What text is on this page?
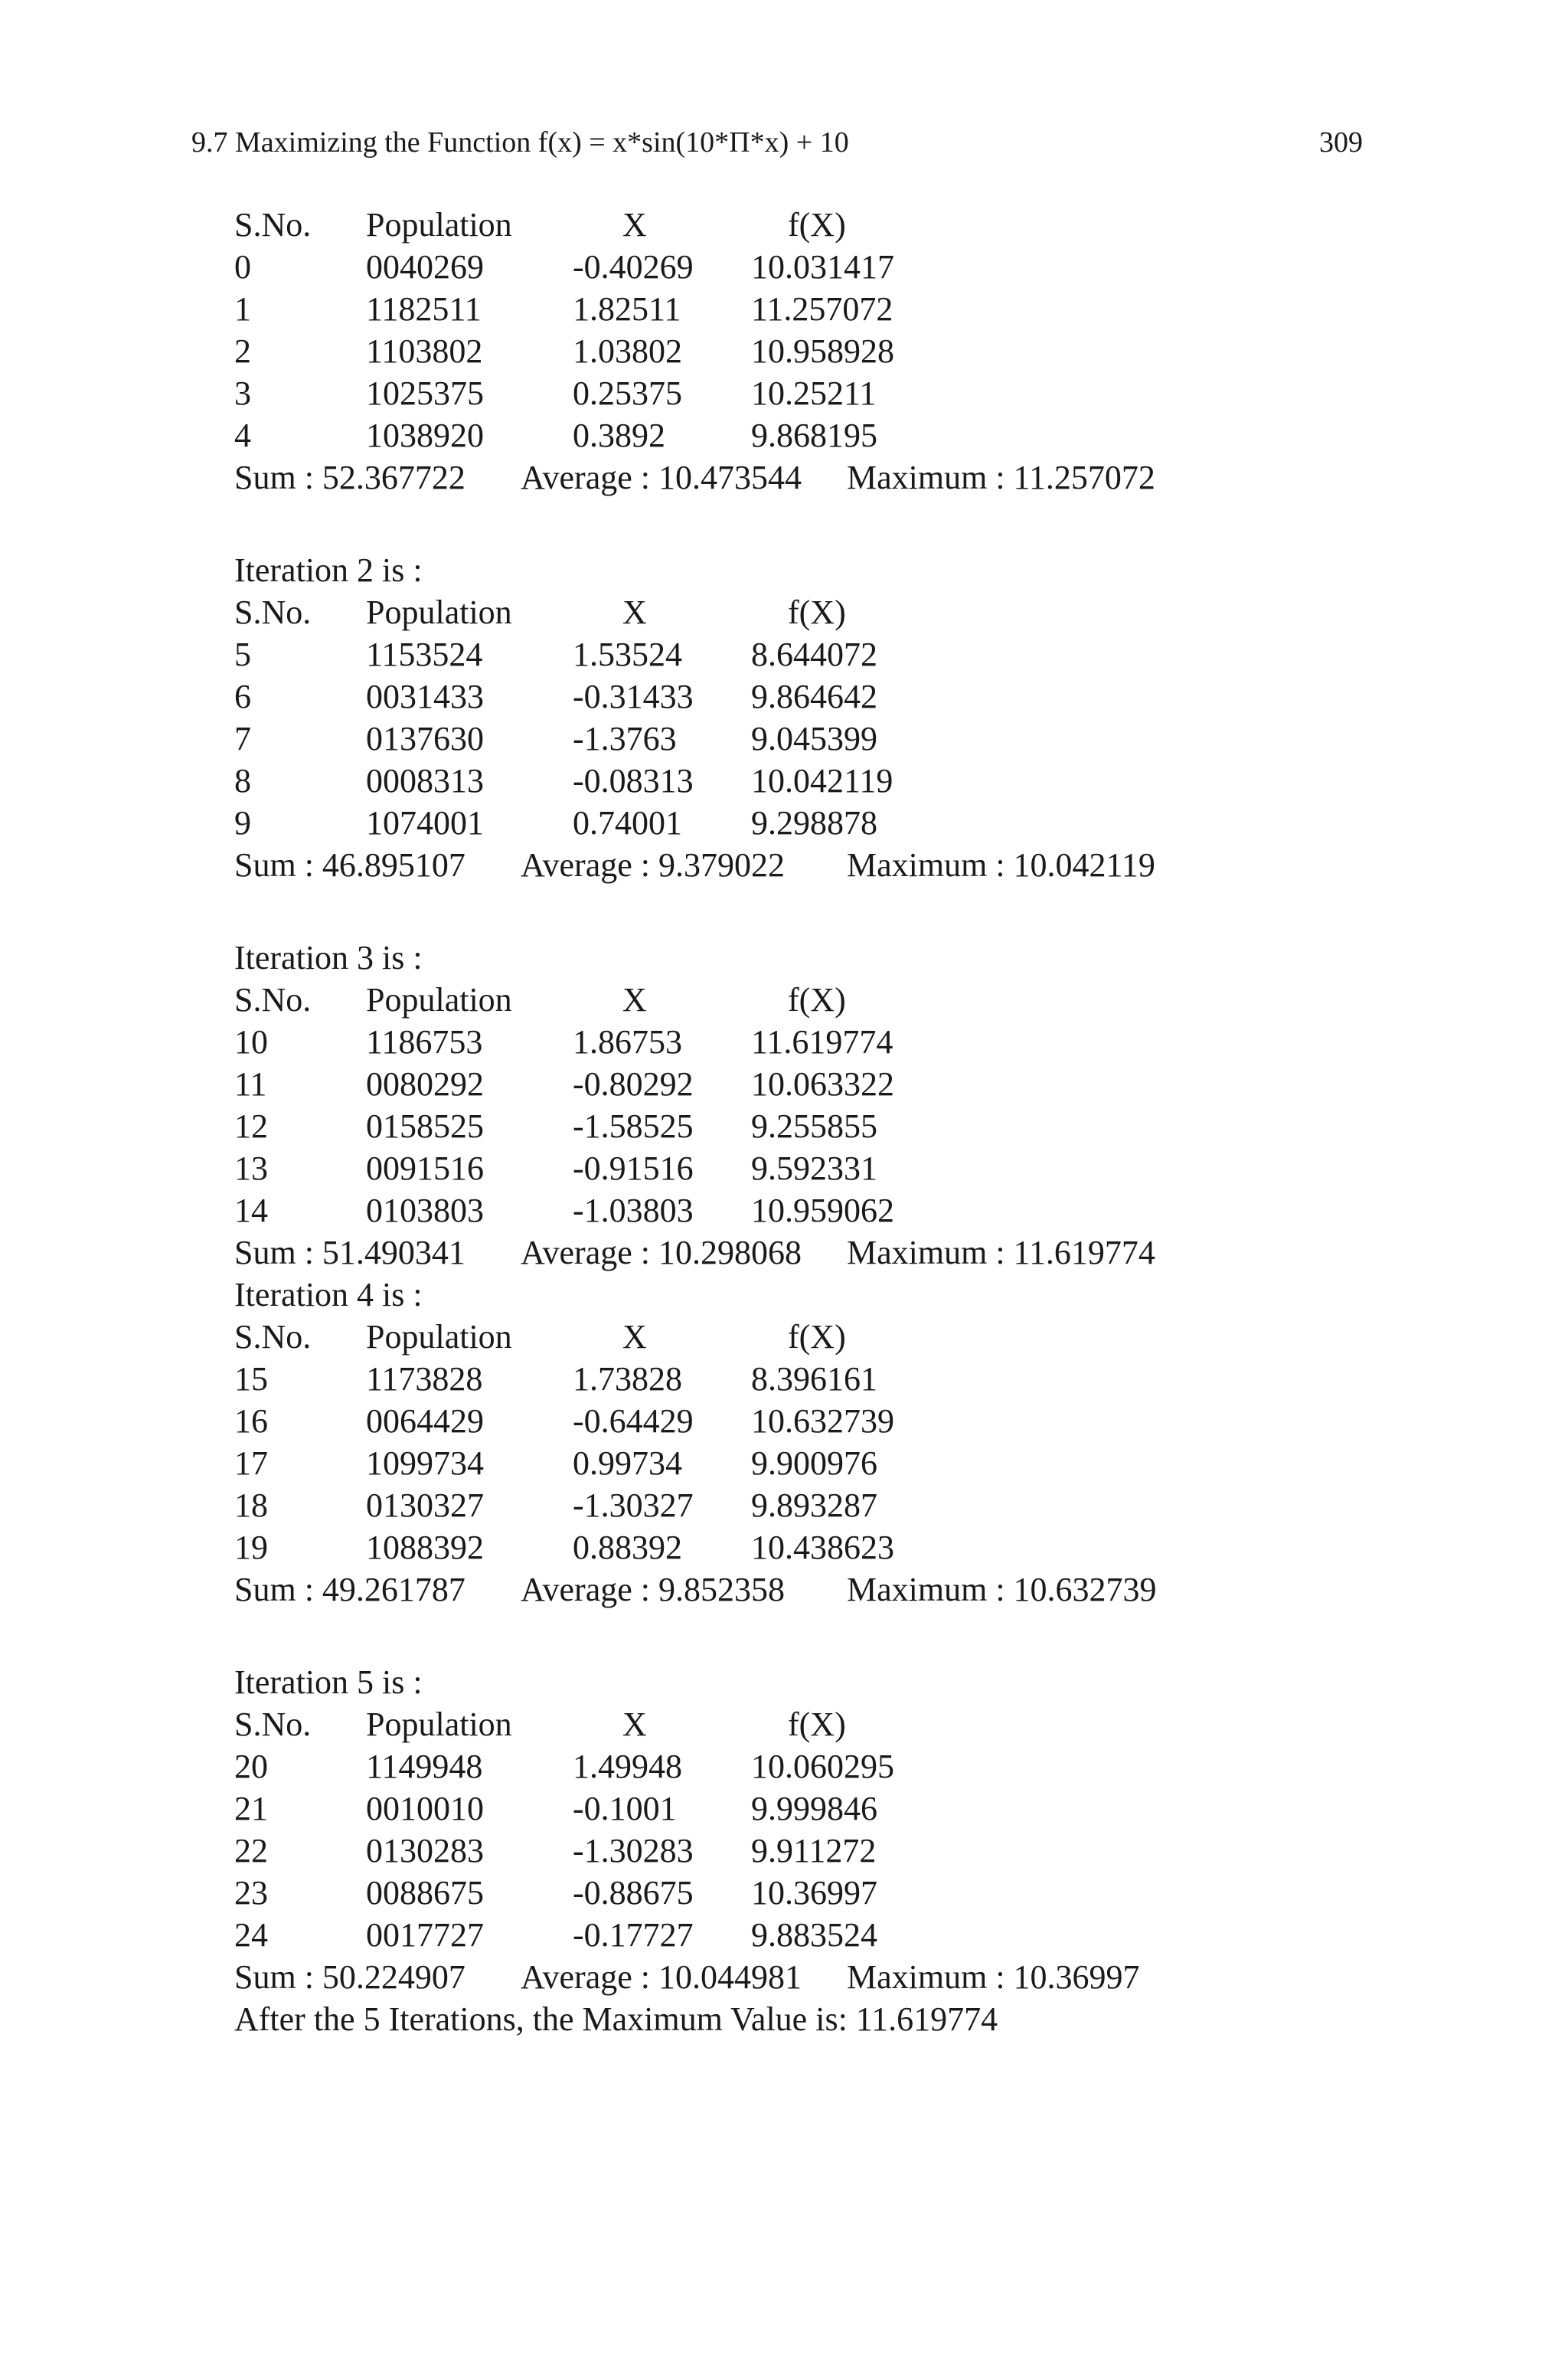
9.7 Maximizing the Function f(x) = x*sin(10*Π*x) + 10	309
S.No. Population	X	f(X)
0	0040269	-0.40269 10.031417
1	1182511	1.82511 11.257072
2	1103802	1.03802 10.958928
3	1025375	0.25375 10.25211
4	1038920	0.3892	9.868195
Sum : 52.367722 Average : 10.473544 Maximum : 11.257072
Iteration 2 is :
S.No. Population	X	f(X)
5	1153524	1.53524 8.644072
6	0031433	-0.31433 9.864642
7	0137630	-1.3763 9.045399
8	0008313	-0.08313 10.042119
9	1074001	0.74001 9.298878
Sum : 46.895107 Average : 9.379022 Maximum : 10.042119
Iteration 3 is :
S.No. Population	X	f(X)
10	1186753	1.86753 11.619774
11	0080292	-0.80292 10.063322
12	0158525	-1.58525 9.255855
13	0091516	-0.91516 9.592331
14	0103803	-1.03803 10.959062
Sum : 51.490341 Average : 10.298068 Maximum : 11.619774
Iteration 4 is :
S.No. Population	X	f(X)
15	1173828	1.73828 8.396161
16	0064429	-0.64429 10.632739
17	1099734	0.99734 9.900976
18	0130327	-1.30327 9.893287
19	1088392	0.88392 10.438623
Sum : 49.261787 Average : 9.852358 Maximum : 10.632739
Iteration 5 is :
S.No. Population	X	f(X)
20	1149948	1.49948 10.060295
21	0010010	-0.1001 9.999846
22	0130283	-1.30283 9.911272
23	0088675	-0.88675 10.36997
24	0017727	-0.17727 9.883524
Sum : 50.224907 Average : 10.044981 Maximum : 10.36997
After the 5 Iterations, the Maximum Value is: 11.619774
